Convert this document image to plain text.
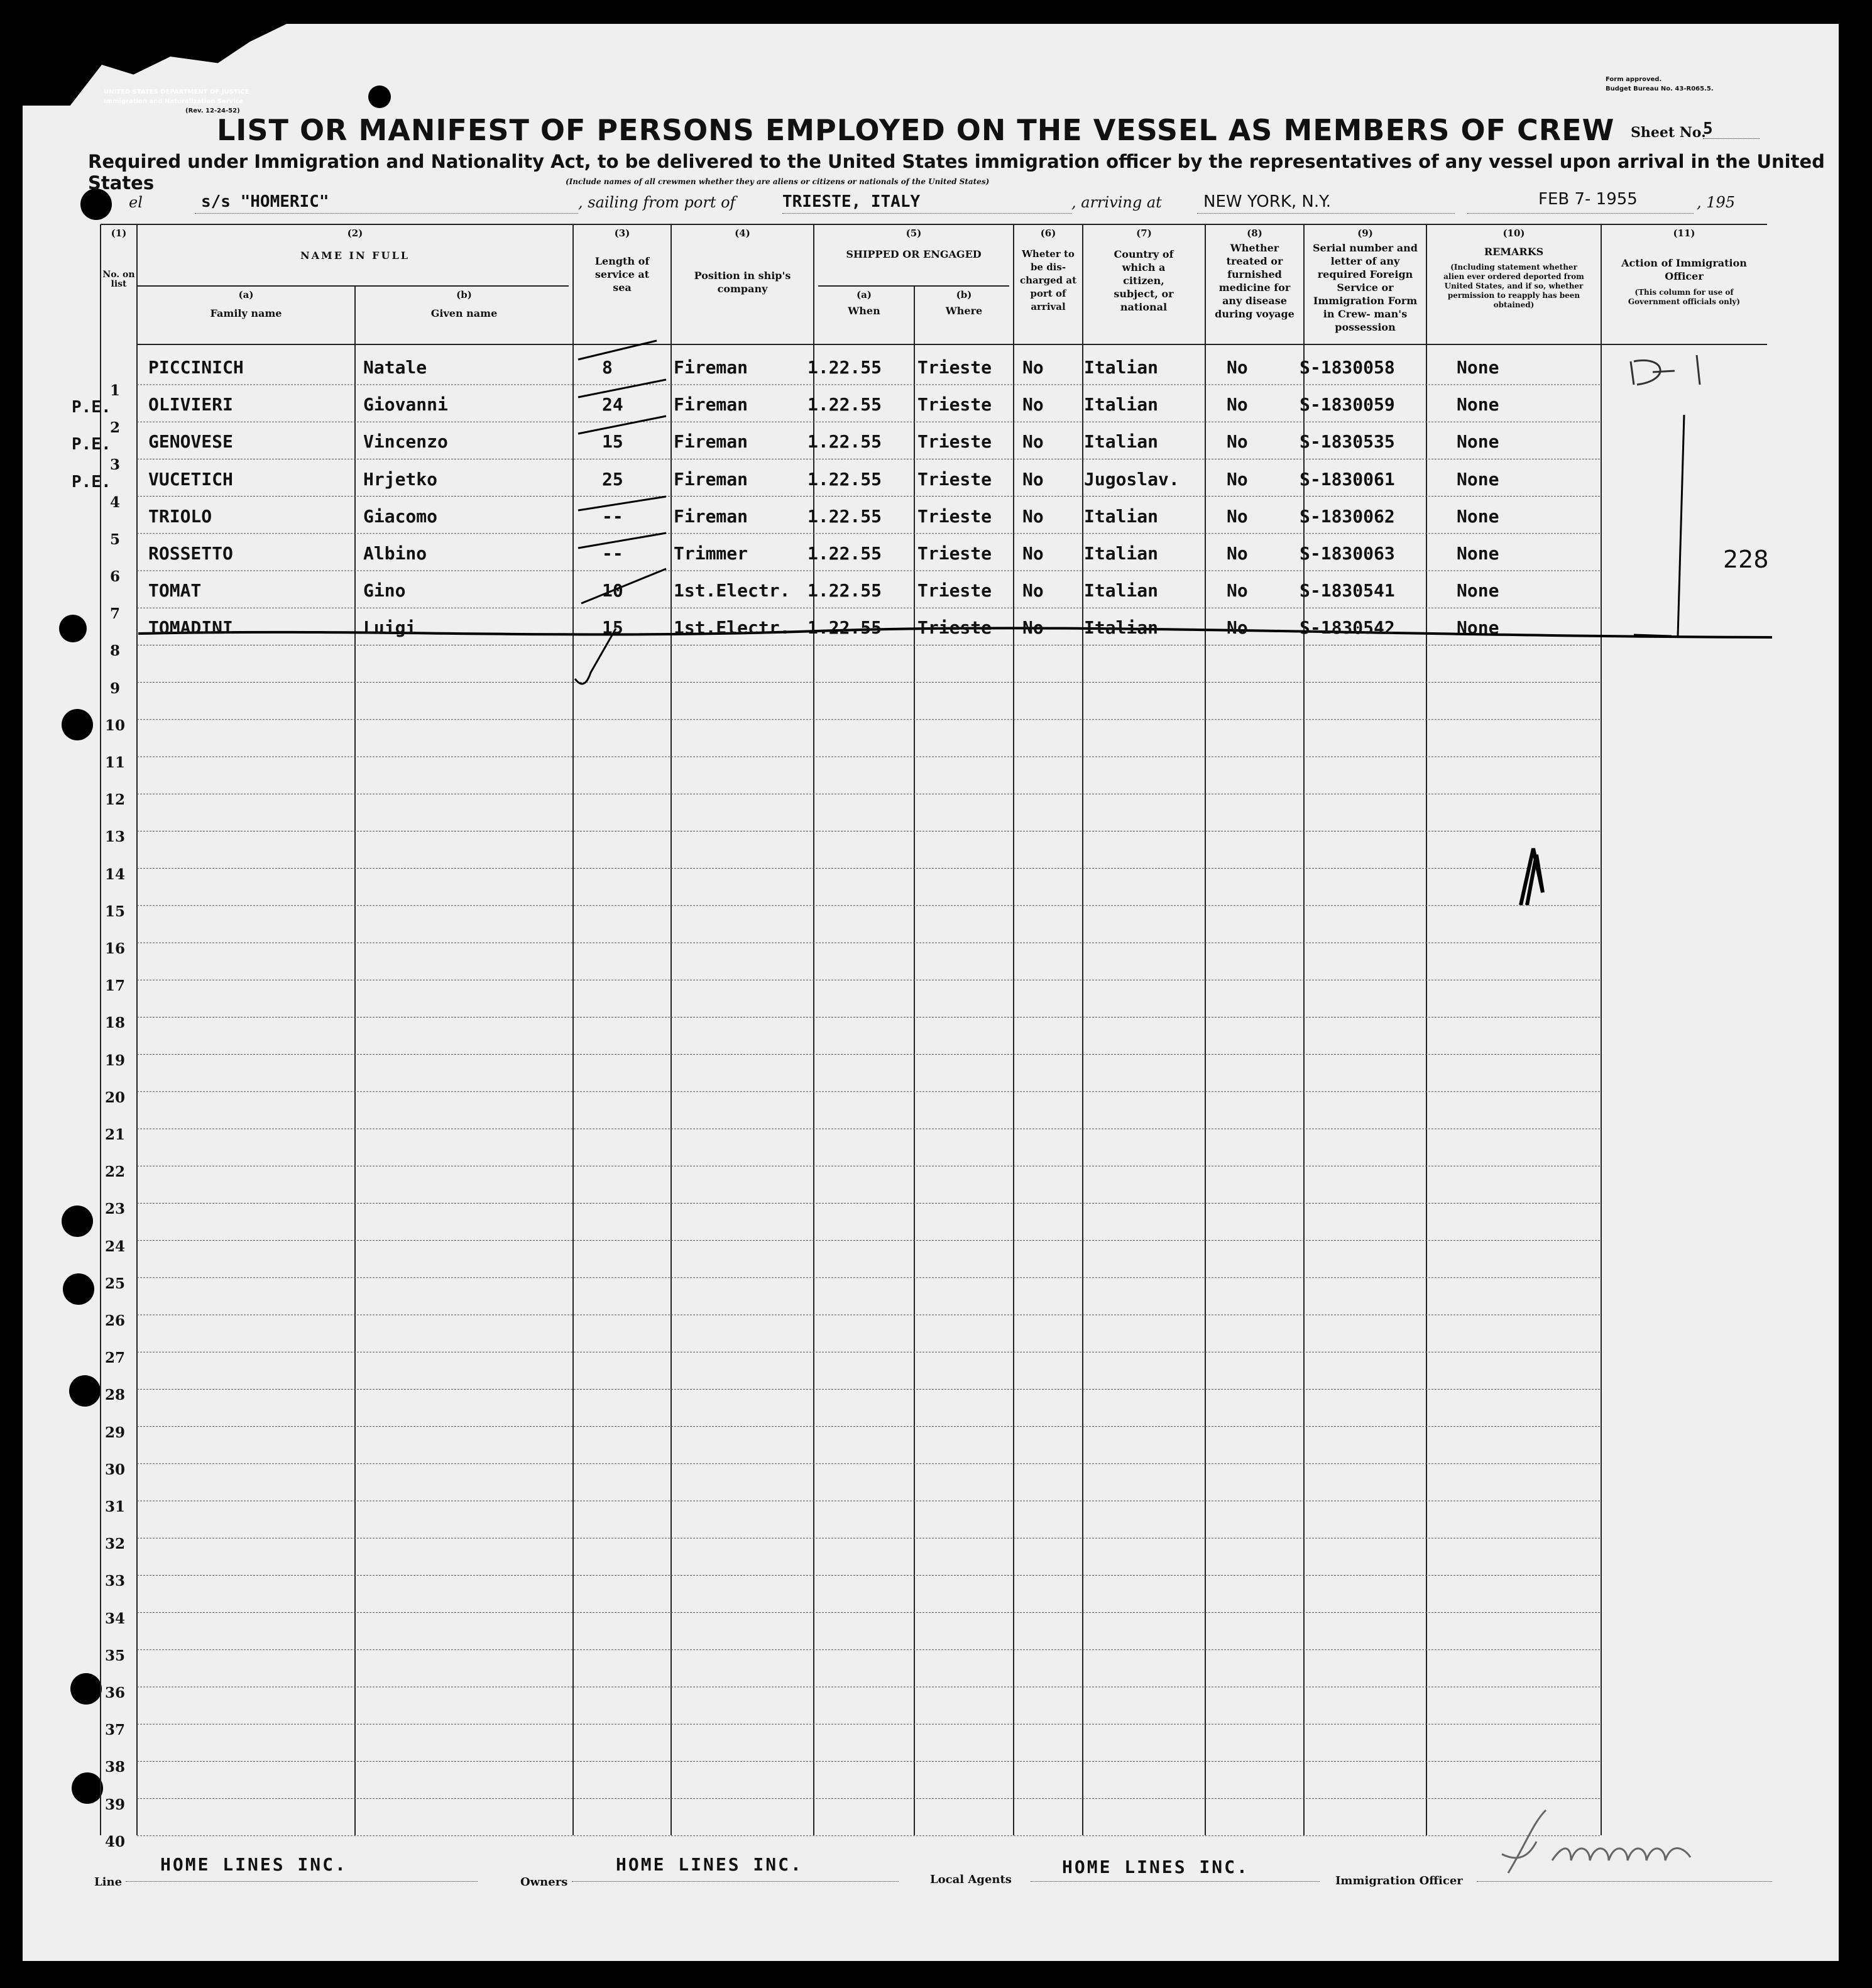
UNITED STATES DEPARTMENT OF JUSTICE
Immigration and Naturalization Service
(Rev. 12-24-52)
Form approved.
Budget Bureau No. 43-R065.5.
LIST OR MANIFEST OF PERSONS EMPLOYED ON THE VESSEL AS MEMBERS OF CREW Sheet No.
5
Required under Immigration and Nationality Act, to be delivered to the United States immigration officer by the representatives of any vessel upon arrival in the United States	(Include names of all crewmen whether they are aliens or citizens or nationals of the United States)
el	s/s "HOMERIC"	, sailing from port of	TRIESTE, ITALY	, arriving at	NEW YORK, N.Y.	FEB 7- 1955	, 195
(1)
No. on list
(2)
NAME IN FULL
(a)
Family name
(b)
Given name
(3)
Length of service at sea
(4)
Position in ship's company
(5)
SHIPPED OR ENGAGED
(a)
When
(b)
Where
(6)
Wheter to be dis- charged at port of arrival
(7)
Country of which a citizen, subject, or national
(8)
Whether treated or furnished medicine for any disease during voyage
(9)
Serial number and letter of any required Foreign Service or Immigration Form in Crew- man's possession
(10)
REMARKS
(Including statement whether alien ever ordered deported from United States, and if so, whether permission to reapply has been obtained)
(11)
Action of Immigration Officer
(This column for use of Government officials only)
1
PICCINICH	Natale	8	Fireman	1.22.55 Trieste No Italian	No	S-1830058	None
2
P.E. OLIVIERI	Giovanni	24	Fireman	1.22.55 Trieste No Italian	No	S-1830059	None
3
P.E. GENOVESE	Vincenzo	15	Fireman	1.22.55 Trieste No Italian	No	S-1830535	None
4
P.E. VUCETICH	Hrjetko	25	Fireman	1.22.55 Trieste No Jugoslav.	No	S-1830061	None
5
TRIOLO	Giacomo	--	Fireman	1.22.55 Trieste No Italian	No	S-1830062	None
6
ROSSETTO	Albino	--	Trimmer	1.22.55 Trieste No Italian	No	S-1830063	None
7
TOMAT	Gino	10	1st.Electr. 1.22.55 Trieste No Italian	No	S-1830541	None
8
TOMADINI	Luigi	15	1st.Electr. 1.22.55 Trieste No Italian	No	S-1830542	None
9
10
11
12
13
14
15
16
17
18
19
20
21
22
23
24
25
26
27
28
29
30
31
32
33
34
35
36
37
38
39
40
228
Line
HOME LINES INC.
Owners
HOME LINES INC.
Local Agents
HOME LINES INC.
Immigration Officer
